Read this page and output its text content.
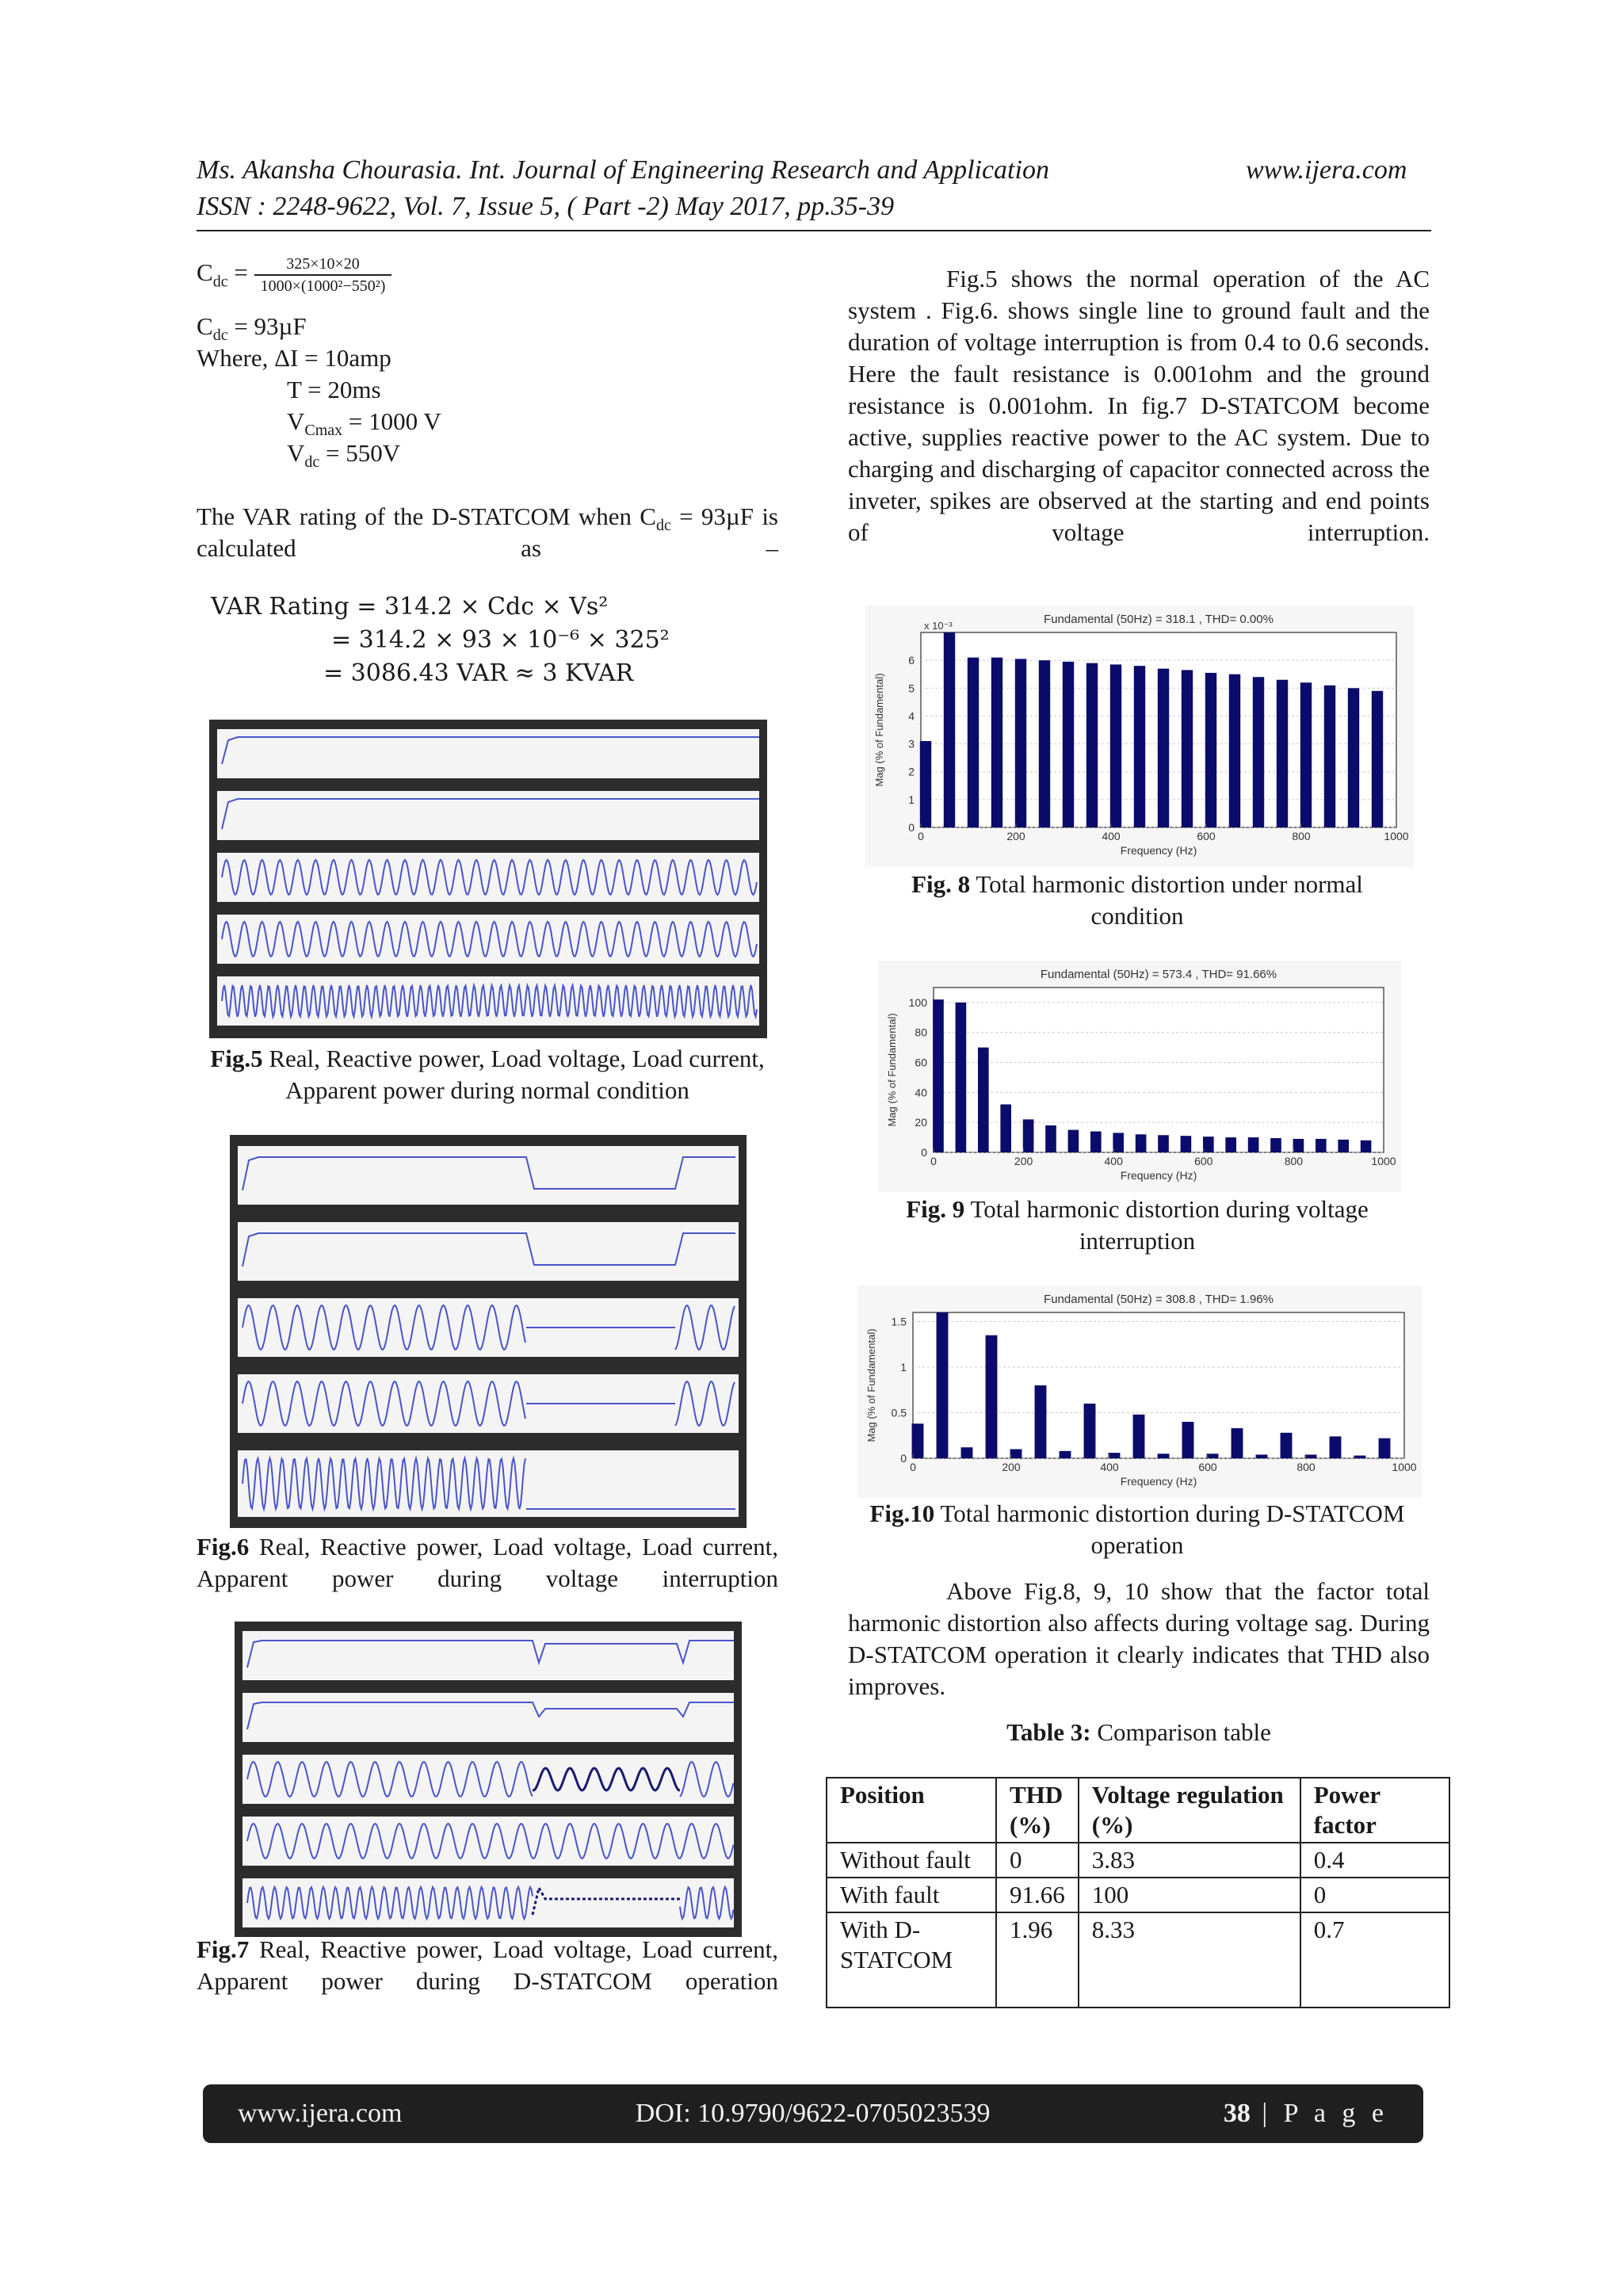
Ms. Akansha Chourasia. Int. Journal of Engineering Research and Application	www.ijera.com
ISSN : 2248-9622, Vol. 7, Issue 5, ( Part -2) May 2017, pp.35-39
$C_{dc} = \frac{325\times 10\times 20}{\text{1000×(1000²−550²)}}$
$C_{dc} = 93\mu F$
Where, ΔI = 10amp
T = 20ms
$V_{Cmax} = 1000$ V
$V_{dc} = 550V$
The VAR rating of the D-STATCOM when $C_{dc} = 93\mu F$ is calculated as –
VAR Rating = 314.2 × Cdc × Vs²
= 314.2 × 93 × 10⁻⁶ × 325²
= 3086.43 VAR ≈ 3 KVAR
Fig.5 Real, Reactive power, Load voltage, Load current, Apparent power during normal condition
Fig.6 Real, Reactive power, Load voltage, Load current, Apparent power during voltage interruption
Fig.7 Real, Reactive power, Load voltage, Load current, Apparent power during D-STATCOM operation
Fig.5 shows the normal operation of the AC system . Fig.6. shows single line to ground fault and the duration of voltage interruption is from 0.4 to 0.6 seconds. Here the fault resistance is 0.001ohm and the ground resistance is 0.001ohm. In fig.7 D-STATCOM become active, supplies reactive power to the AC system. Due to charging and discharging of capacitor connected across the inveter, spikes are observed at the starting and end points of voltage interruption.
Fundamental (50Hz) = 318.1 , THD= 0.00%
x 10⁻³
0	200	400	600	800	1000
0
1
2
3
4
5
6
Frequency (Hz)
Mag (% of Fundamental)
Fig. 8 Total harmonic distortion under normal condition
Fundamental (50Hz) = 573.4 , THD= 91.66%
0	200	400	600	800	1000
0
20
40
60
80
100
Frequency (Hz)
Mag (% of Fundamental)
Fig. 9 Total harmonic distortion during voltage interruption
Fundamental (50Hz) = 308.8 , THD= 1.96%
0	200	400	600	800	1000
0
0.5
1
1.5
Frequency (Hz)
Mag (% of Fundamental)
Fig.10 Total harmonic distortion during D-STATCOM operation
Above Fig.8, 9, 10 show that the factor total harmonic distortion also affects during voltage sag. During D-STATCOM operation it clearly indicates that THD also improves.
Table 3: Comparison table
Position	THD (%)	Voltage regulation (%)	Power factor
Without fault	0	3.83	0.4
With fault	91.66	100	0
With D-STATCOM	1.96	8.33	0.7
www.ijera.com	DOI: 10.9790/9622-0705023539	38 | P a g e
